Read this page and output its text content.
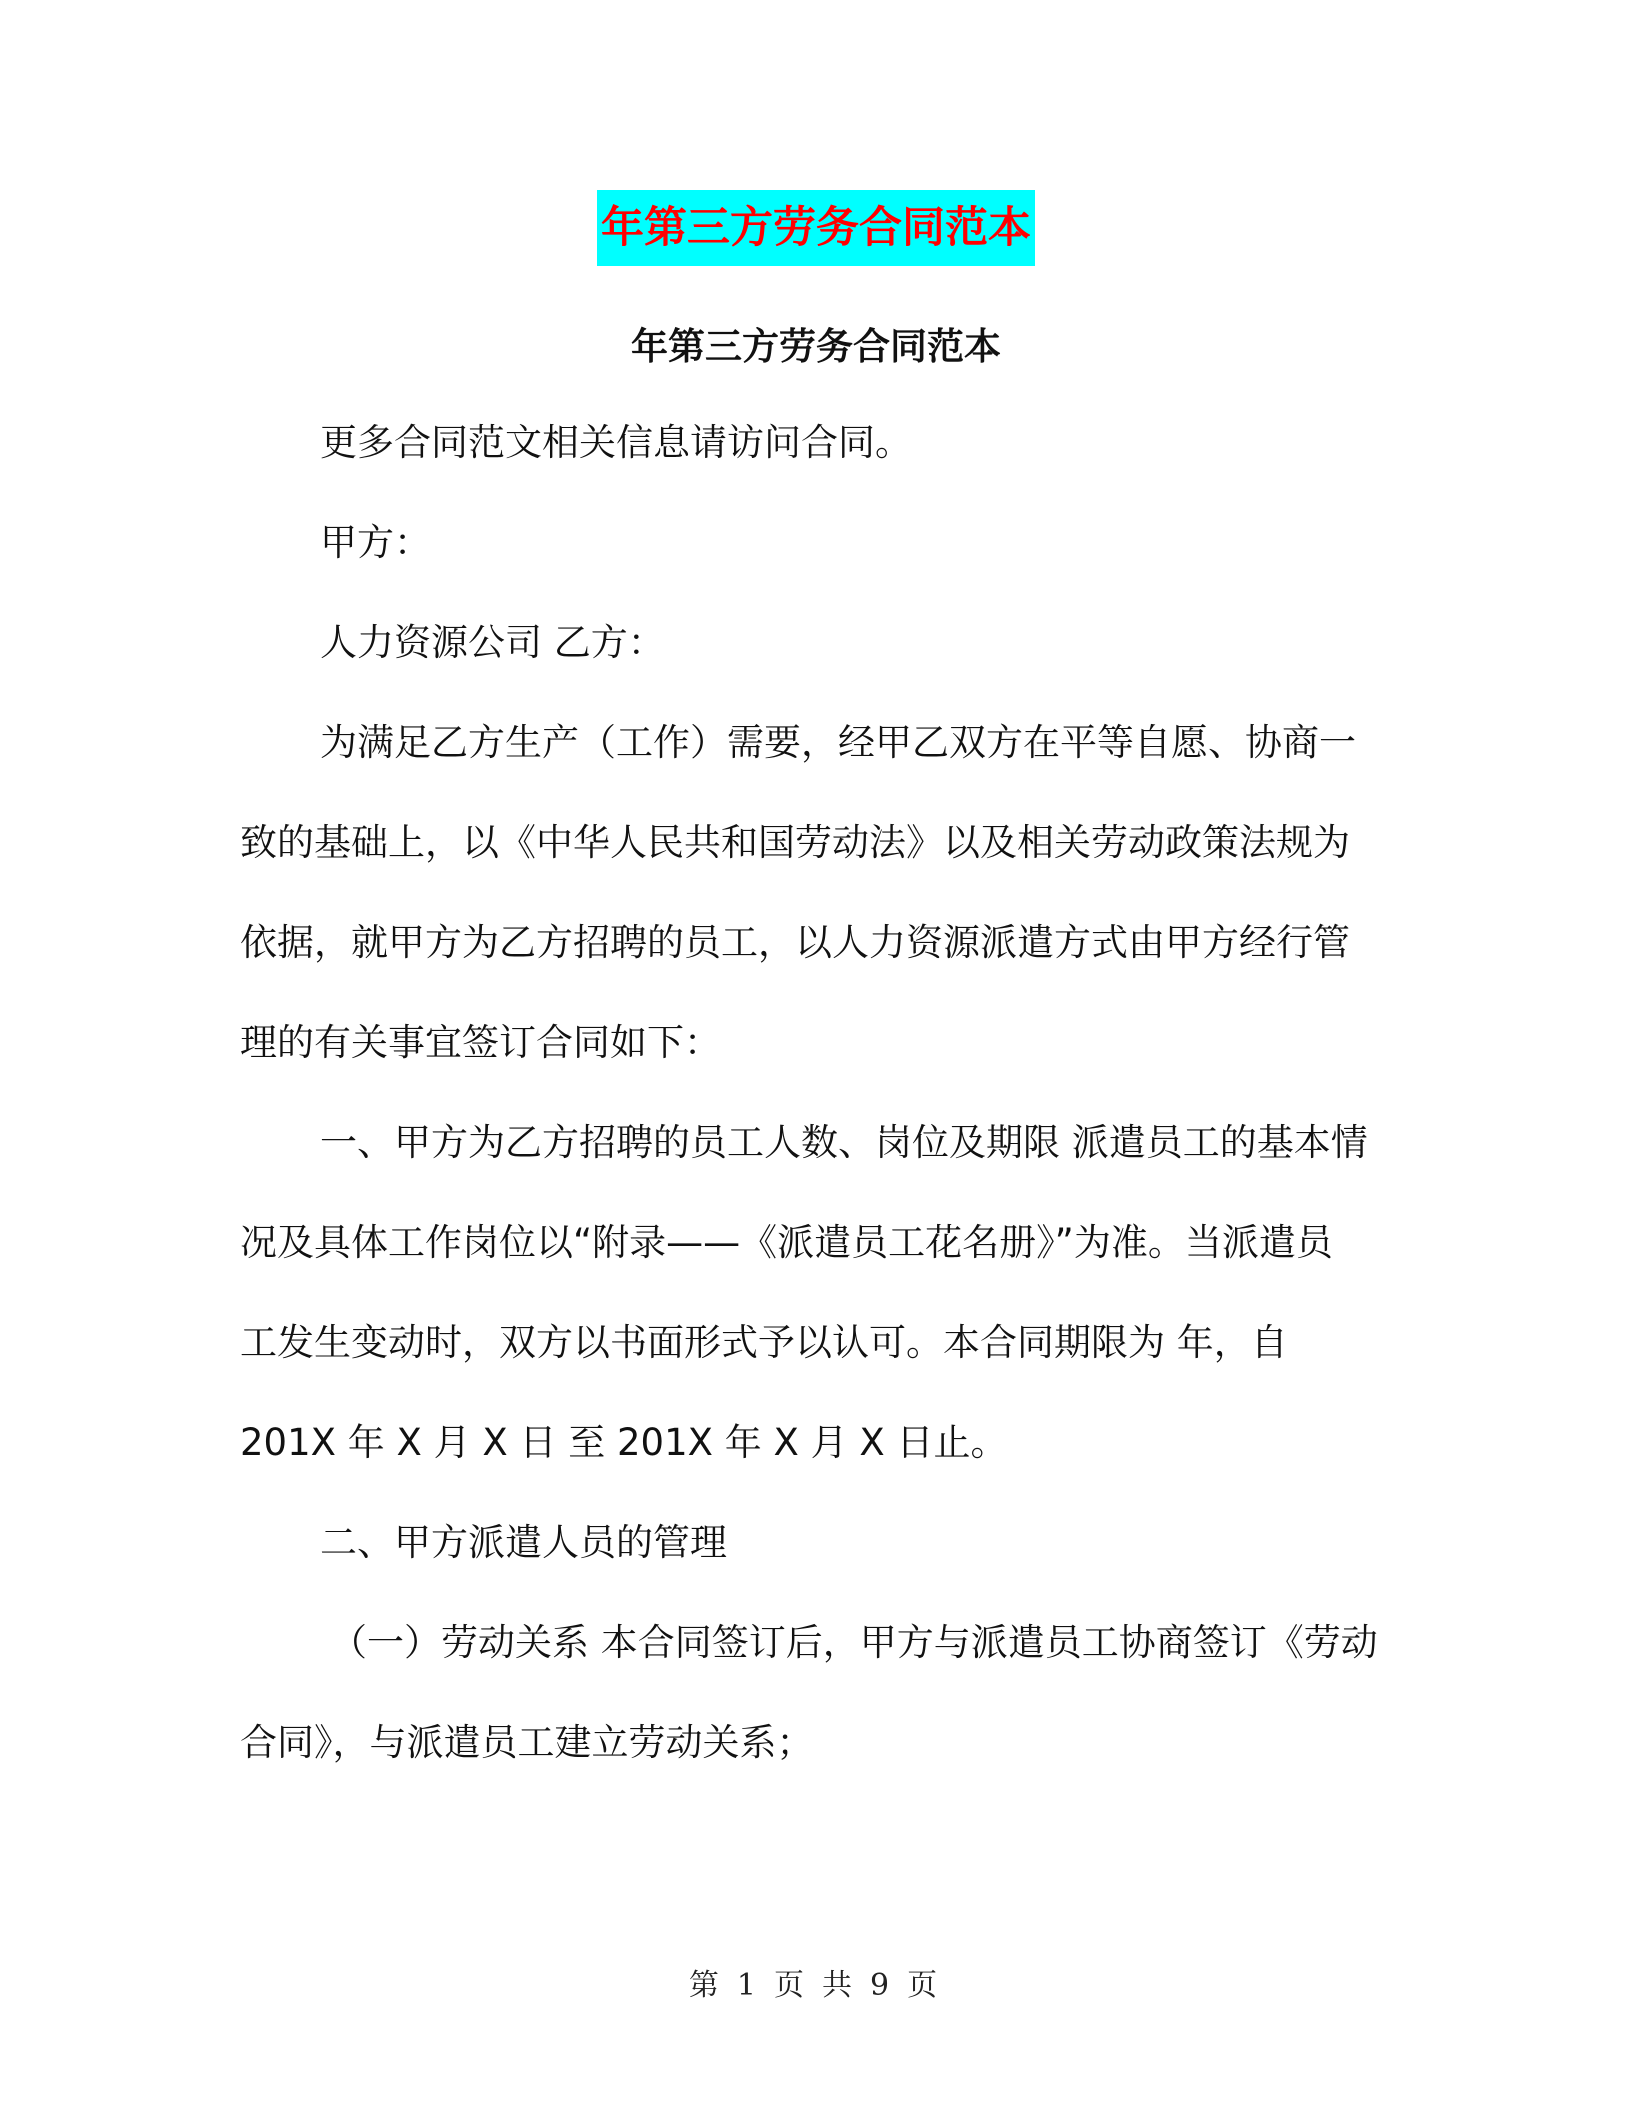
年第三方劳务合同范本
年第三方劳务合同范本
更多合同范文相关信息请访问合同。
甲方：
人力资源公司 乙方：
为满足乙方生产（工作）需要，经甲乙双方在平等自愿、协商一
致的基础上，以《中华人民共和国劳动法》以及相关劳动政策法规为
依据，就甲方为乙方招聘的员工，以人力资源派遣方式由甲方经行管
理的有关事宜签订合同如下：
一、甲方为乙方招聘的员工人数、岗位及期限 派遣员工的基本情
况及具体工作岗位以“附录——《派遣员工花名册》”为准。当派遣员
工发生变动时，双方以书面形式予以认可。本合同期限为 年，自
201X 年 X 月 X 日 至 201X 年 X 月 X 日止。
二、甲方派遣人员的管理
（一）劳动关系 本合同签订后，甲方与派遣员工协商签订《劳动
合同》，与派遣员工建立劳动关系；
第 1 页 共 9 页
